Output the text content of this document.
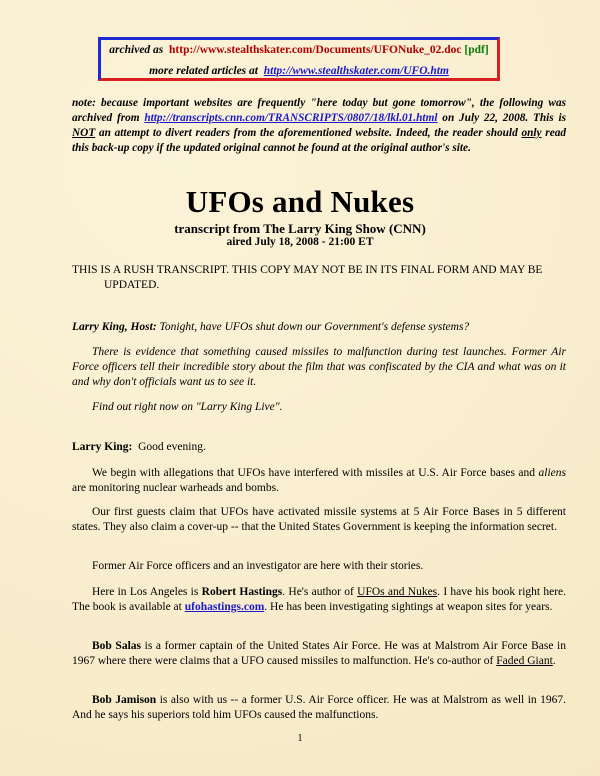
archived as http://www.stealthskater.com/Documents/UFONuke_02.doc [pdf]
more related articles at http://www.stealthskater.com/UFO.htm
note: because important websites are frequently "here today but gone tomorrow", the following was archived from http://transcripts.cnn.com/TRANSCRIPTS/0807/18/lkl.01.html on July 22, 2008. This is NOT an attempt to divert readers from the aforementioned website. Indeed, the reader should only read this back-up copy if the updated original cannot be found at the original author's site.
UFOs and Nukes
transcript from The Larry King Show (CNN)
aired July 18, 2008 - 21:00 ET
THIS IS A RUSH TRANSCRIPT. THIS COPY MAY NOT BE IN ITS FINAL FORM AND MAY BE
UPDATED.
Larry King, Host: Tonight, have UFOs shut down our Government's defense systems?
There is evidence that something caused missiles to malfunction during test launches. Former Air Force officers tell their incredible story about the film that was confiscated by the CIA and what was on it and why don't officials want us to see it.
Find out right now on "Larry King Live".
Larry King: Good evening.
We begin with allegations that UFOs have interfered with missiles at U.S. Air Force bases and aliens are monitoring nuclear warheads and bombs.
Our first guests claim that UFOs have activated missile systems at 5 Air Force Bases in 5 different states. They also claim a cover-up -- that the United States Government is keeping the information secret.
Former Air Force officers and an investigator are here with their stories.
Here in Los Angeles is Robert Hastings. He's author of UFOs and Nukes. I have his book right here. The book is available at ufohastings.com. He has been investigating sightings at weapon sites for years.
Bob Salas is a former captain of the United States Air Force. He was at Malstrom Air Force Base in 1967 where there were claims that a UFO caused missiles to malfunction. He's co-author of Faded Giant.
Bob Jamison is also with us -- a former U.S. Air Force officer. He was at Malstrom as well in 1967. And he says his superiors told him UFOs caused the malfunctions.
1
